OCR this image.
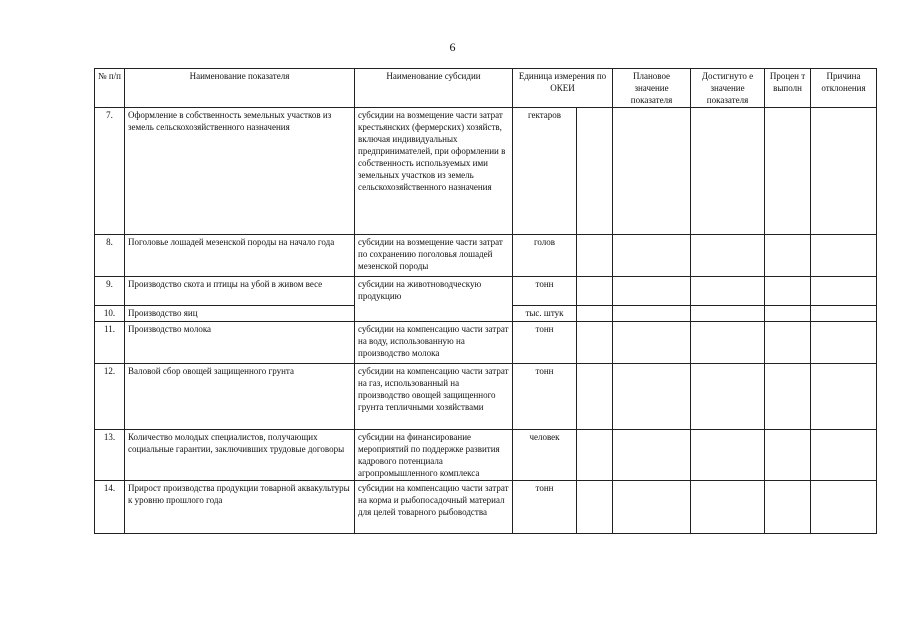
6
№ п/п	Наименование показателя	Наименование субсидии	Единица измерения по ОКЕИ		Плановое значение показателя	Достигнуто е значение показателя	Процен т выполн	Причина отклонения
7.	Оформление в собственность земельных участков из земель сельскохозяйственного назначения	субсидии на возмещение части затрат крестьянских (фермерских) хозяйств, включая индивидуальных предпринимателей, при оформлении в собственность используемых ими земельных участков из земель сельскохозяйственного назначения	гектаров					
8.	Поголовье лошадей мезенской породы на начало года	субсидии на возмещение части затрат по сохранению поголовья лошадей мезенской породы	голов					
9.	Производство скота и птицы на убой в живом весе	субсидии на животноводческую продукцию	тонн					
10.	Производство яиц		тыс. штук					
11.	Производство молока	субсидии на компенсацию части затрат на воду, использованную на производство молока	тонн					
12.	Валовой сбор овощей защищенного грунта	субсидии на компенсацию части затрат на газ, использованный на производство овощей защищенного грунта тепличными хозяйствами	тонн					
13.	Количество молодых специалистов, получающих социальные гарантии, заключивших трудовые договоры	субсидии на финансирование мероприятий по поддержке развития кадрового потенциала агропромышленного комплекса	человек					
14.	Прирост производства продукции товарной аквакультуры к уровню прошлого года	субсидии на компенсацию части затрат на корма и рыбопосадочный материал для целей товарного рыбоводства	тонн					
